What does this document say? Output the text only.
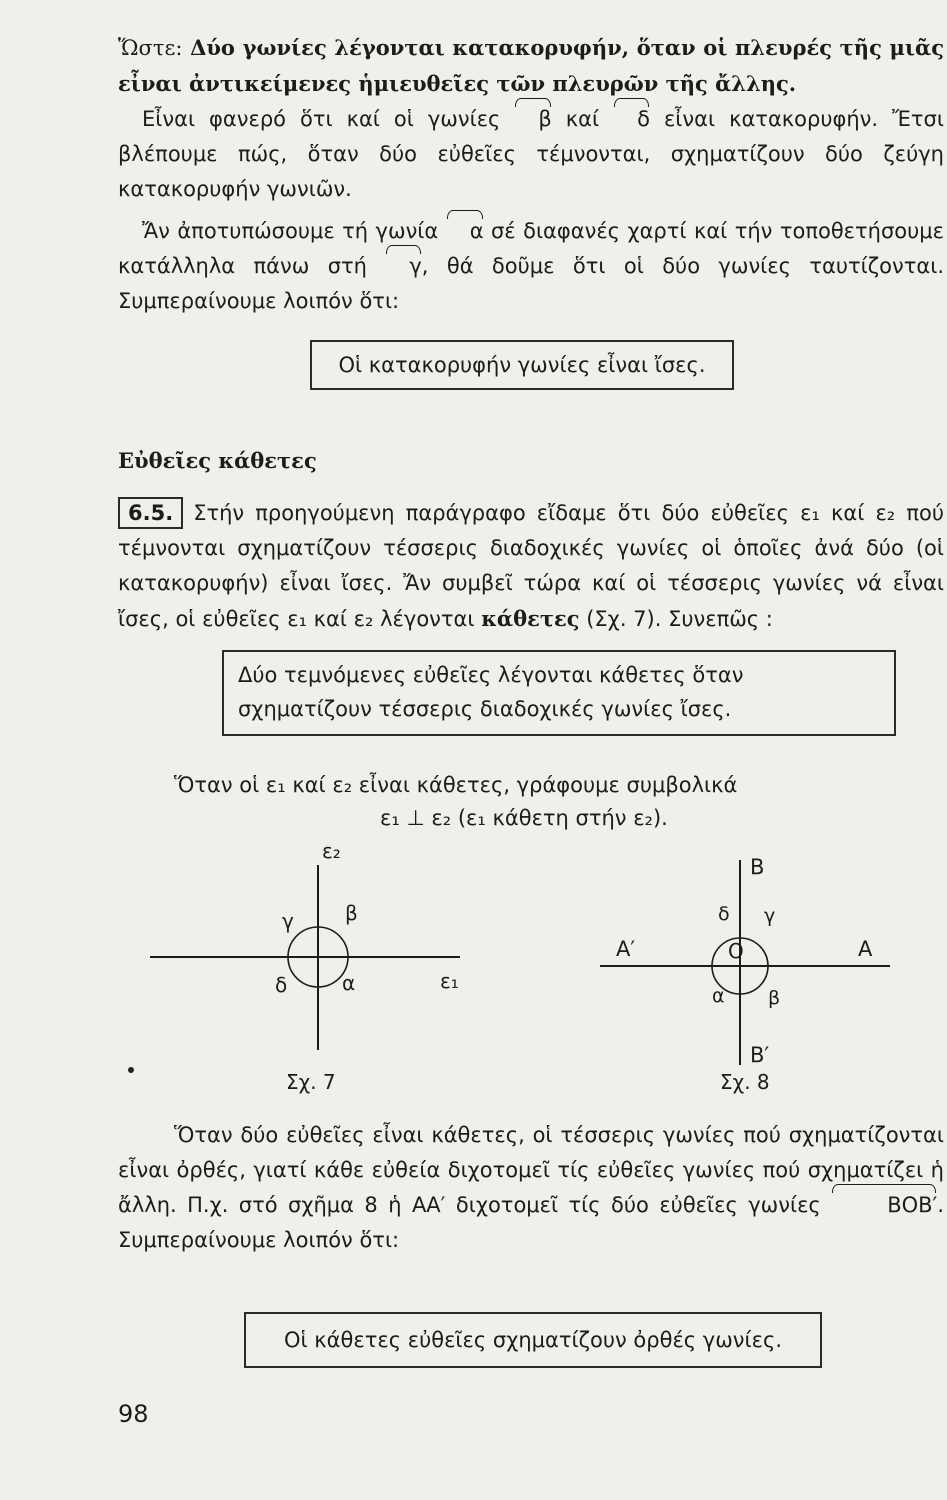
Ὥστε: Δύο γωνίες λέγονται κατακορυφήν, ὅταν οἱ πλευρές τῆς μιᾶς εἶναι ἀντικείμενες ἡμιευθεῖες τῶν πλευρῶν τῆς ἄλλης.

Εἶναι φανερό ὅτι καί οἱ γωνίες β καί δ εἶναι κατακορυφήν. Ἔτσι βλέπουμε πώς, ὅταν δύο εὐθεῖες τέμνονται, σχηματίζουν δύο ζεύγη κατακορυφήν γωνιῶν.

Ἄν ἀποτυπώσουμε τή γωνία α σέ διαφανές χαρτί καί τήν τοποθετήσουμε κατάλληλα πάνω στή γ, θά δοῦμε ὅτι οἱ δύο γωνίες ταυτίζονται. Συμπεραίνουμε λοιπόν ὅτι:

Οἱ κατακορυφήν γωνίες εἶναι ἴσες.
Εὐθεῖες κάθετες

6.5. Στήν προηγούμενη παράγραφο εἴδαμε ὅτι δύο εὐθεῖες ε₁ καί ε₂ πού τέμνονται σχηματίζουν τέσσερις διαδοχικές γωνίες οἱ ὁποῖες ἀνά δύο (οἱ κατακορυφήν) εἶναι ἴσες. Ἄν συμβεῖ τώρα καί οἱ τέσσερις γωνίες νά εἶναι ἴσες, οἱ εὐθεῖες ε₁ καί ε₂ λέγονται κάθετες (Σχ. 7). Συνεπῶς :

Δύο τεμνόμενες εὐθεῖες λέγονται κάθετες ὅταν σχηματίζουν τέσσερις διαδοχικές γωνίες ἴσες.

Ὅταν οἱ ε₁ καί ε₂ εἶναι κάθετες, γράφουμε συμβολικά

ε₁ ⊥ ε₂ (ε₁ κάθετη στήν ε₂).
ε₂
ε₁
γ	β
δ	α
Σχ. 7
Β
Β′
Α
Α′	Ο
δ γ
α β
Σχ. 8

Ὅταν δύο εὐθεῖες εἶναι κάθετες, οἱ τέσσερις γωνίες πού σχηματίζονται εἶναι ὀρθές, γιατί κάθε εὐθεία διχοτομεῖ τίς εὐθεῖες γωνίες πού σχηματίζει ἡ ἄλλη. Π.χ. στό σχῆμα 8 ἡ ΑΑ′ διχοτομεῖ τίς δύο εὐθεῖες γωνίες	ΒΟΒ′. Συμπεραίνουμε λοιπόν ὅτι:

Οἱ κάθετες εὐθεῖες σχηματίζουν ὀρθές γωνίες.
98
